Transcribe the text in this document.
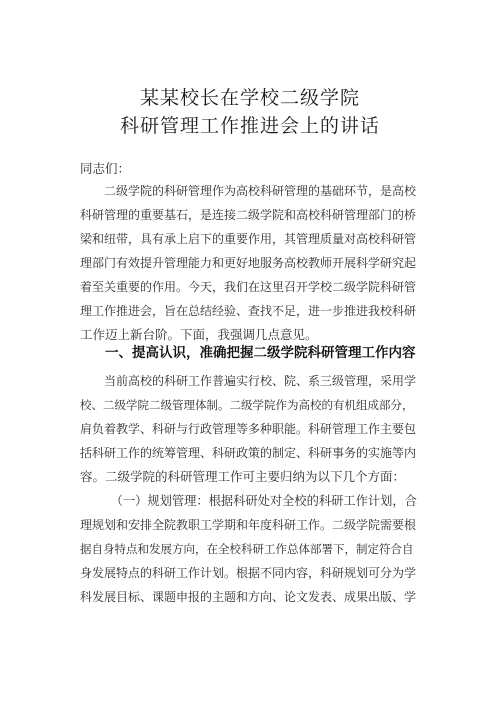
某某校长在学校二级学院
科研管理工作推进会上的讲话
同志们：
　　二级学院的科研管理作为高校科研管理的基础环节，是高校
科研管理的重要基石，是连接二级学院和高校科研管理部门的桥
梁和纽带，具有承上启下的重要作用，其管理质量对高校科研管
理部门有效提升管理能力和更好地服务高校教师开展科学研究起
着至关重要的作用。今天，我们在这里召开学校二级学院科研管
理工作推进会，旨在总结经验、查找不足，进一步推进我校科研
工作迈上新台阶。下面，我强调几点意见。
一、提高认识，准确把握二级学院科研管理工作内容
　　当前高校的科研工作普遍实行校、院、系三级管理，采用学
校、二级学院二级管理体制。二级学院作为高校的有机组成部分，
肩负着教学、科研与行政管理等多种职能。科研管理工作主要包
括科研工作的统筹管理、科研政策的制定、科研事务的实施等内
容。二级学院的科研管理工作可主要归纳为以下几个方面：
　　　（一）规划管理：根据科研处对全校的科研工作计划，合
理规划和安排全院教职工学期和年度科研工作。二级学院需要根
据自身特点和发展方向，在全校科研工作总体部署下，制定符合自
身发展特点的科研工作计划。根据不同内容，科研规划可分为学
科发展目标、课题申报的主题和方向、论文发表、成果出版、学
